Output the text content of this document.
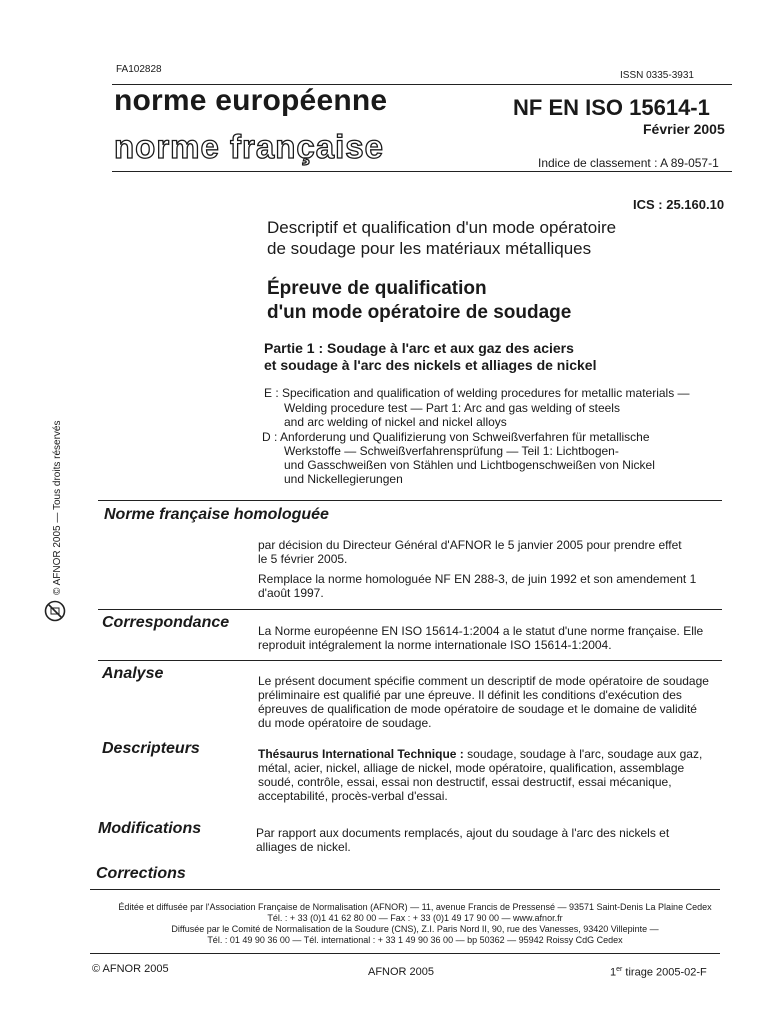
FA102828
ISSN 0335-3931
norme européenne
norme française
NF EN ISO 15614-1
Février 2005
Indice de classement : A 89-057-1
ICS : 25.160.10
Descriptif et qualification d'un mode opératoire
de soudage pour les matériaux métalliques
Épreuve de qualification
d'un mode opératoire de soudage
Partie 1 : Soudage à l'arc et aux gaz des aciers
et soudage à l'arc des nickels et alliages de nickel
E : Specification and qualification of welding procedures for metallic materials —
Welding procedure test — Part 1: Arc and gas welding of steels
and arc welding of nickel and nickel alloys
D : Anforderung und Qualifizierung von Schweißverfahren für metallische
Werkstoffe — Schweißverfahrensprüfung — Teil 1: Lichtbogen-
und Gasschweißen von Stählen und Lichtbogenschweißen von Nickel
und Nickellegierungen
© AFNOR 2005 — Tous droits réservés	Norme française homologuée
par décision du Directeur Général d'AFNOR le 5 janvier 2005 pour prendre effet
le 5 février 2005.
Remplace la norme homologuée NF EN 288-3, de juin 1992 et son amendement 1
d'août 1997.
Correspondance La Norme européenne EN ISO 15614-1:2004 a le statut d'une norme française. Elle
reproduit intégralement la norme internationale ISO 15614-1:2004.
Analyse	Le présent document spécifie comment un descriptif de mode opératoire de soudage
préliminaire est qualifié par une épreuve. Il définit les conditions d'exécution des
épreuves de qualification de mode opératoire de soudage et le domaine de validité
du mode opératoire de soudage.
Descripteurs	Thésaurus International Technique : soudage, soudage à l'arc, soudage aux gaz,
métal, acier, nickel, alliage de nickel, mode opératoire, qualification, assemblage
soudé, contrôle, essai, essai non destructif, essai destructif, essai mécanique,
acceptabilité, procès-verbal d'essai.
Modifications	Par rapport aux documents remplacés, ajout du soudage à l'arc des nickels et
alliages de nickel.
Corrections
Éditée et diffusée par l'Association Française de Normalisation (AFNOR) — 11, avenue Francis de Pressensé — 93571 Saint-Denis La Plaine Cedex
Tél. : + 33 (0)1 41 62 80 00 — Fax : + 33 (0)1 49 17 90 00 — www.afnor.fr
Diffusée par le Comité de Normalisation de la Soudure (CNS), Z.I. Paris Nord II, 90, rue des Vanesses, 93420 Villepinte —
Tél. : 01 49 90 36 00 — Tél. international : + 33 1 49 90 36 00 — bp 50362 — 95942 Roissy CdG Cedex
© AFNOR 2005	AFNOR 2005	1er tirage 2005-02-F
